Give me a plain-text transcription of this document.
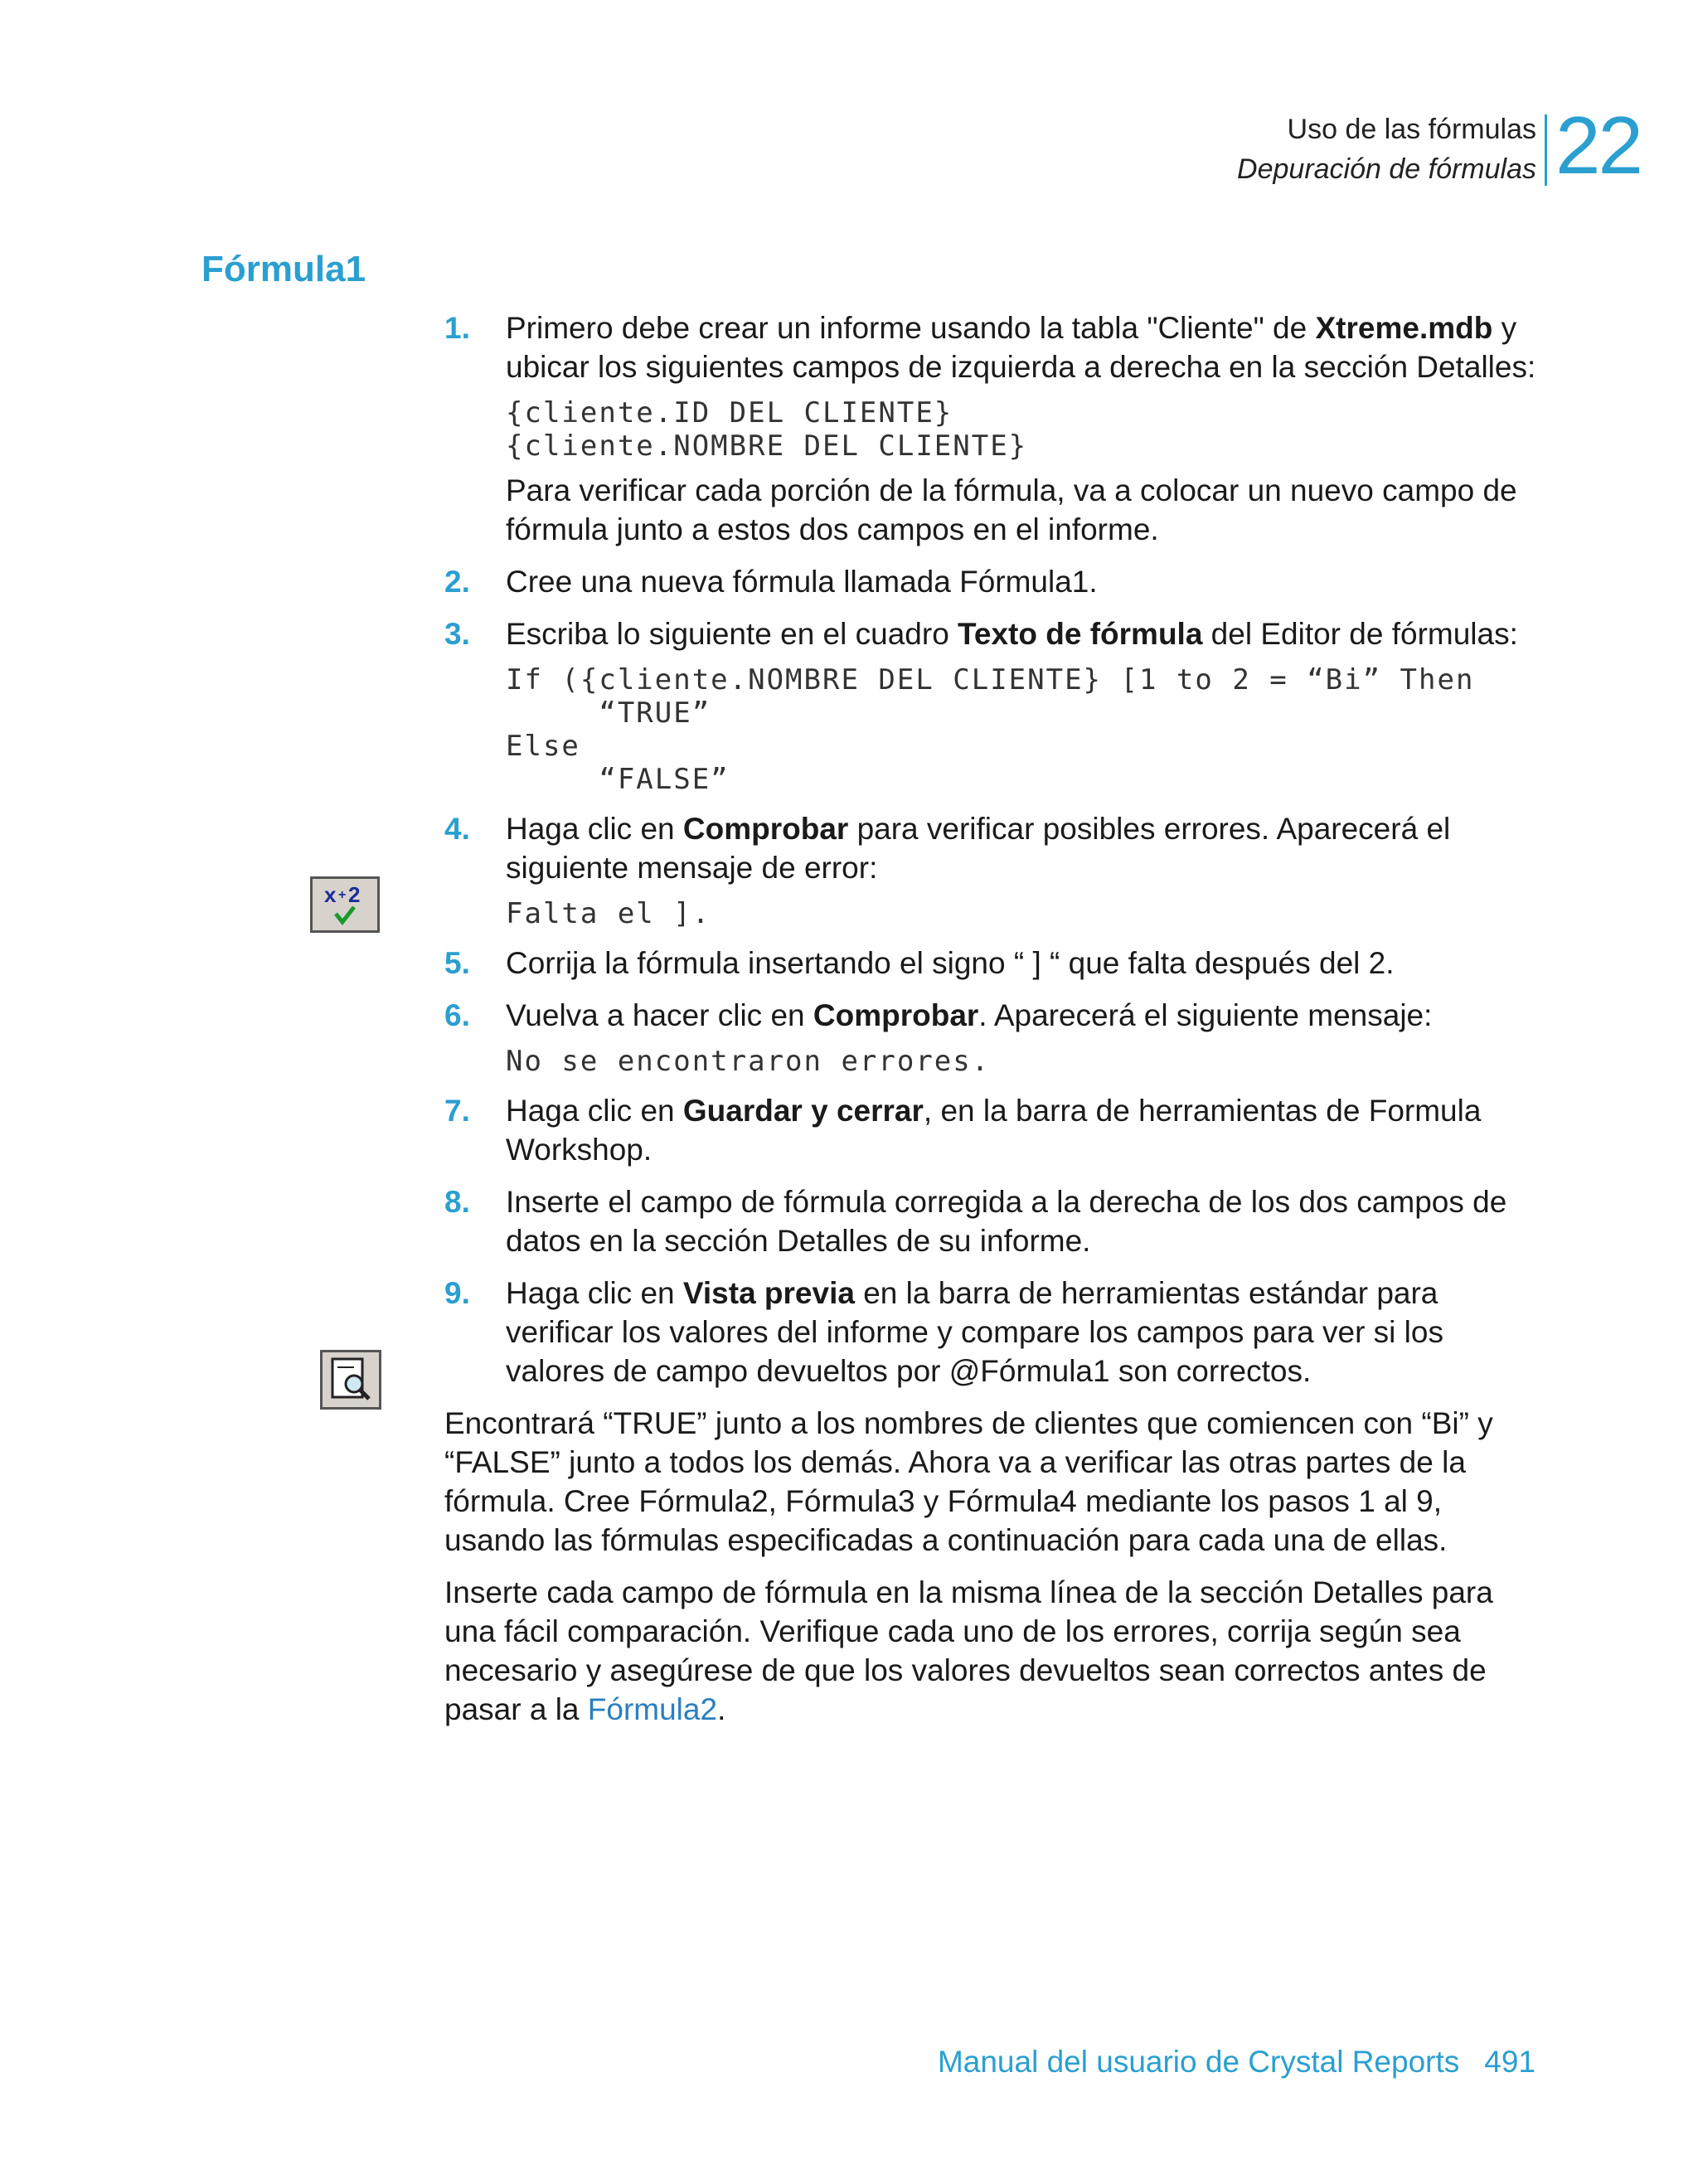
Uso de las fórmulas
Depuración de fórmulas 22
Fórmula1
x + 2
1. Primero debe crear un informe usando la tabla "Cliente" de Xtreme.mdb y ubicar los siguientes campos de izquierda a derecha en la sección Detalles:
{cliente.ID DEL CLIENTE}
{cliente.NOMBRE DEL CLIENTE}
Para verificar cada porción de la fórmula, va a colocar un nuevo campo de fórmula junto a estos dos campos en el informe.
2. Cree una nueva fórmula llamada Fórmula1.
3. Escriba lo siguiente en el cuadro Texto de fórmula del Editor de fórmulas:
If ({cliente.NOMBRE DEL CLIENTE} [1 to 2 = “Bi” Then
“TRUE”
Else
“FALSE”
4. Haga clic en Comprobar para verificar posibles errores. Aparecerá el siguiente mensaje de error:
Falta el ].
5. Corrija la fórmula insertando el signo “ ] “ que falta después del 2.
6. Vuelva a hacer clic en Comprobar. Aparecerá el siguiente mensaje:
No se encontraron errores.
7. Haga clic en Guardar y cerrar, en la barra de herramientas de Formula Workshop.
8. Inserte el campo de fórmula corregida a la derecha de los dos campos de datos en la sección Detalles de su informe.
9. Haga clic en Vista previa en la barra de herramientas estándar para verificar los valores del informe y compare los campos para ver si los valores de campo devueltos por @Fórmula1 son correctos.
Encontrará “TRUE” junto a los nombres de clientes que comiencen con “Bi” y “FALSE” junto a todos los demás. Ahora va a verificar las otras partes de la fórmula. Cree Fórmula2, Fórmula3 y Fórmula4 mediante los pasos 1 al 9, usando las fórmulas especificadas a continuación para cada una de ellas.
Inserte cada campo de fórmula en la misma línea de la sección Detalles para una fácil comparación. Verifique cada uno de los errores, corrija según sea necesario y asegúrese de que los valores devueltos sean correctos antes de pasar a la Fórmula2.
Manual del usuario de Crystal Reports 491
